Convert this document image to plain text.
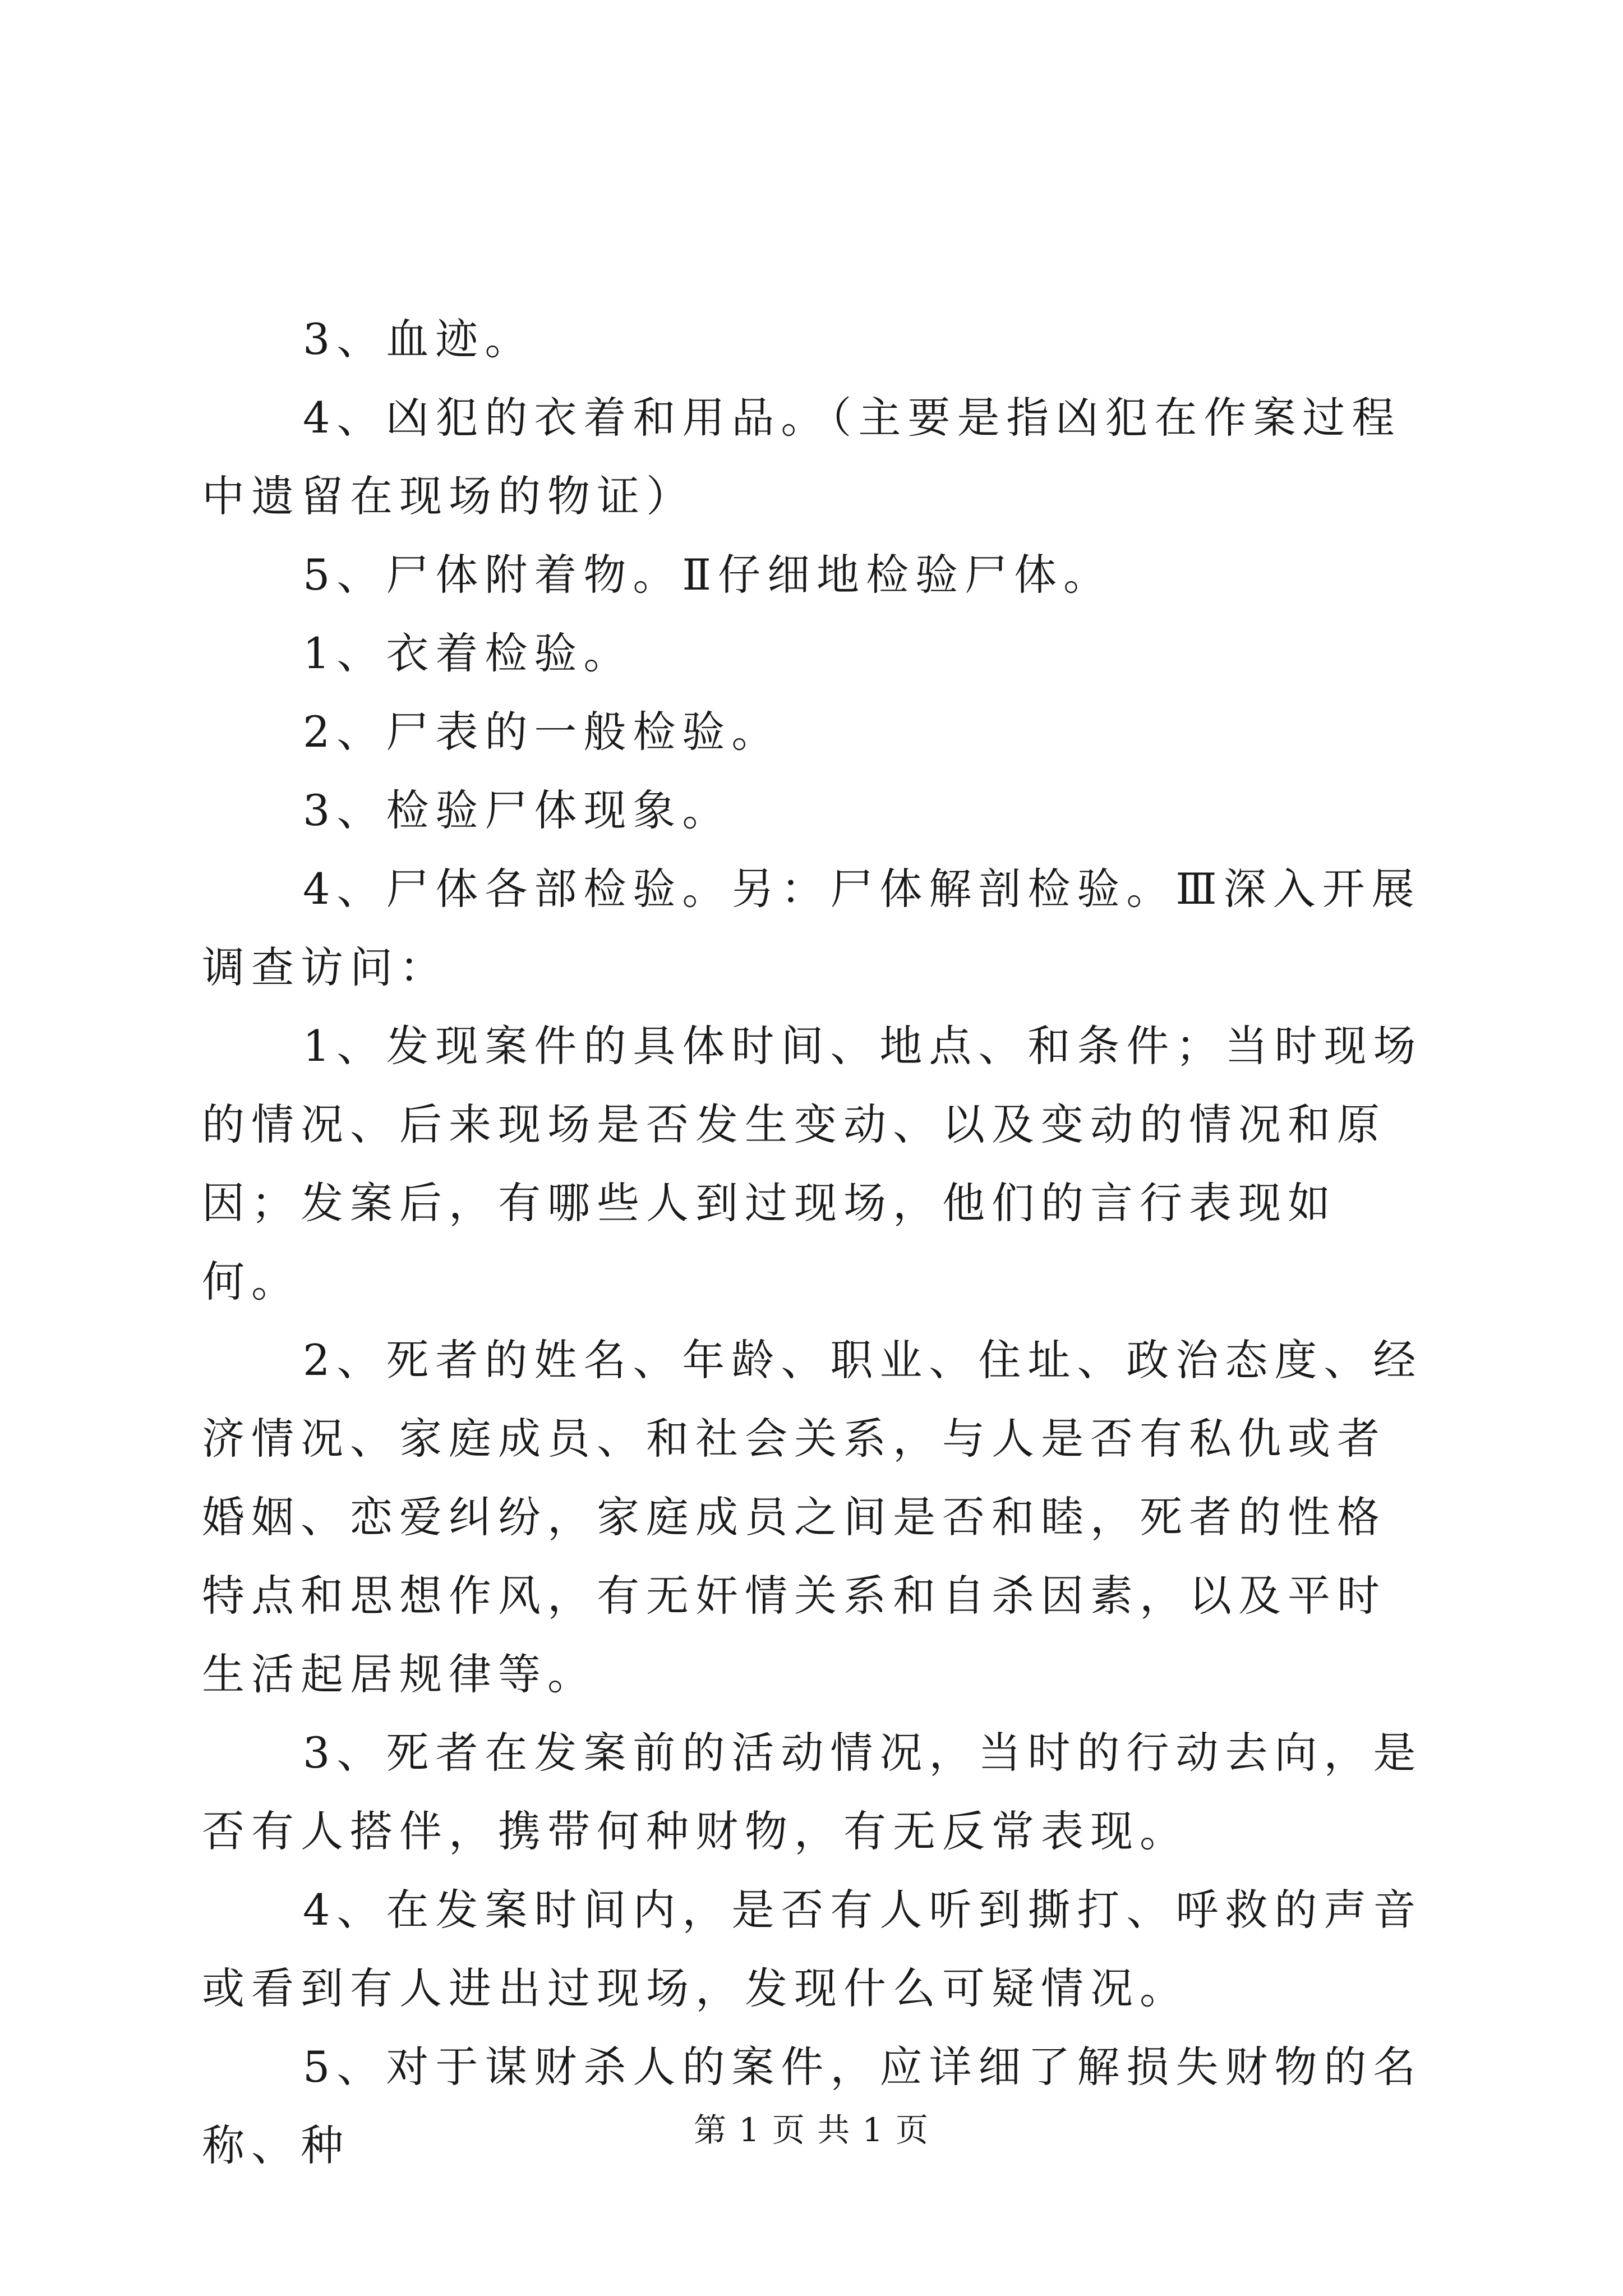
3、血迹。

4、凶犯的衣着和用品。（主要是指凶犯在作案过程中遗留在现场的物证）

5、尸体附着物。Ⅱ仔细地检验尸体。

1、衣着检验。

2、尸表的一般检验。

3、检验尸体现象。

4、尸体各部检验。另：尸体解剖检验。Ⅲ深入开展调查访问：

1、发现案件的具体时间、地点、和条件；当时现场的情况、后来现场是否发生变动、以及变动的情况和原因；发案后，有哪些人到过现场，他们的言行表现如何。

2、死者的姓名、年龄、职业、住址、政治态度、经济情况、家庭成员、和社会关系，与人是否有私仇或者婚姻、恋爱纠纷，家庭成员之间是否和睦，死者的性格特点和思想作风，有无奸情关系和自杀因素，以及平时生活起居规律等。

3、死者在发案前的活动情况，当时的行动去向，是否有人搭伴，携带何种财物，有无反常表现。

4、在发案时间内，是否有人听到撕打、呼救的声音或看到有人进出过现场，发现什么可疑情况。

5、对于谋财杀人的案件，应详细了解损失财物的名称、种	第 1 页 共 1 页
